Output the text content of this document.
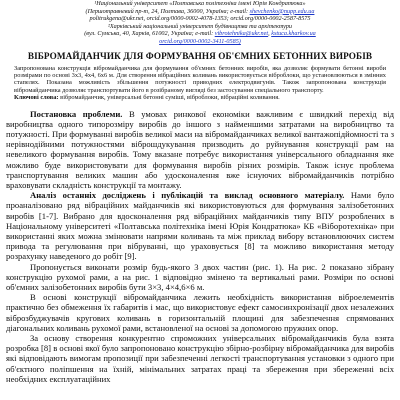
¹Національний університет «Полтавська політехніка імені Юрія Кондратюка»
(Першотравневий пр-т, 24, Полтава, 36000, Україна; e-mail: shevchenko@nupp.edu.ua
politrukgena@ukr.net, orcid.org/0000-0002-4078-1353; orcid.org/0000-0002-2587-8575
²Харківський національний університет будівництва та архітектури
(вул. Сумська, 40, Харків, 61002, Україна; e-mail: vibrotehnika@ukr.net, kstuca.kharkov.ua
orcid.org/0000-0002-3411-0585)
ВІБРОМАЙДАНЧИК ДЛЯ ФОРМУВАННЯ ОБ'ЄМНИХ БЕТОННИХ ВИРОБІВ
Запропонована конструкція вібромайданчика для формування об'ємних бетонних виробів, яка дозволяє формувати бетонні вироби розмірами по основі 3х3, 4х4, 6х6 м. Для створення вібраційних коливань використовується віброблоки, що установлюються в змінних стапелях. Показана можливість збільшення потужності приводних електродвигунів. Також запропонована конструкція вібромайданчика дозволяє транспортувати його в розібраному вигляді без застосування спеціального транспорту.
Ключові слова: вібромайданчик, універсальні бетонні суміші, віброблоки, вібраційні коливання.

Постановка проблеми. В умовах ринкової економіки важливим є швидкий перехід від виробництва одного типорозміру виробів до іншого з найменшими затратами на виробництво та потужності. При формуванні виробів великої маси на вібромайданчиках великої вантажопідйомності та з нерівнодійними потужностями віброшдукування призводить до руйнування конструкції рам на невеликого формування виробів. Тому вказане потребує використання універсального обладнання яке можливо буде використовувати для формування виробів різних розмірів. Також існує проблема транспортування великих машин або удосконалення вже існуючих вібромайданчиків потрібно враховувати складність конструкції та монтажу.

Аналіз останніх досліджень і публікацій та виклад основного матеріалу. Нами було проаналізовано ряд вібраційних майданчиків які використовуються для формування залізобетонних виробів [1-7]. Вибрано для вдосконалення ряд вібраційних майданчиків типу ВПУ розроблених в Національному університеті «Полтавська політехніка імені Юрія Кондратюка» КБ «Віборотехніка» при використанні яких можна змінювати напрями коливань та між приклад вибору встановлюючих систем привода та регулювання при вібруванні, що ураховується [8] та можливо використання методу розрахунку наведеного до робіт [9].

Пропонується виконати розмір будь-якого 3 двох частин (рис. 1). На рис. 2 показано зібрану конструкцію рухомої рами, а на рис. 1 відповідно змінено та вертикальні рами. Розміри по основі об'ємних залізобетонних виробів бути 3×3, 4×4,6×6 м.

В основі конструкції вібромайданчика лежить необхідність використання віброелементів практично без обмеження їх габаритів і мас, що використовує ефект самосинхронізації двох незалежних віброзбуджувачів кругових коливань в горизонтальній площині для забезпечення спрямованих діагональних коливань рухомої рами, встановленої на основі за допомогою пружних опор.

За основу створення конкурентно спроможних універсальних вібромайданчиків була взята розробка [8] в основі якої було запропоновано конструкцію збірно-розбірну вібромайданчика для виробів які відповідають вимогам пропозиції при забезпеченні легкості транспортування установки з одного при об'єктного поліпшення на їхній, мінімальних затратах праці та збереження при збереженні всіх необхідних експлуатаційних
